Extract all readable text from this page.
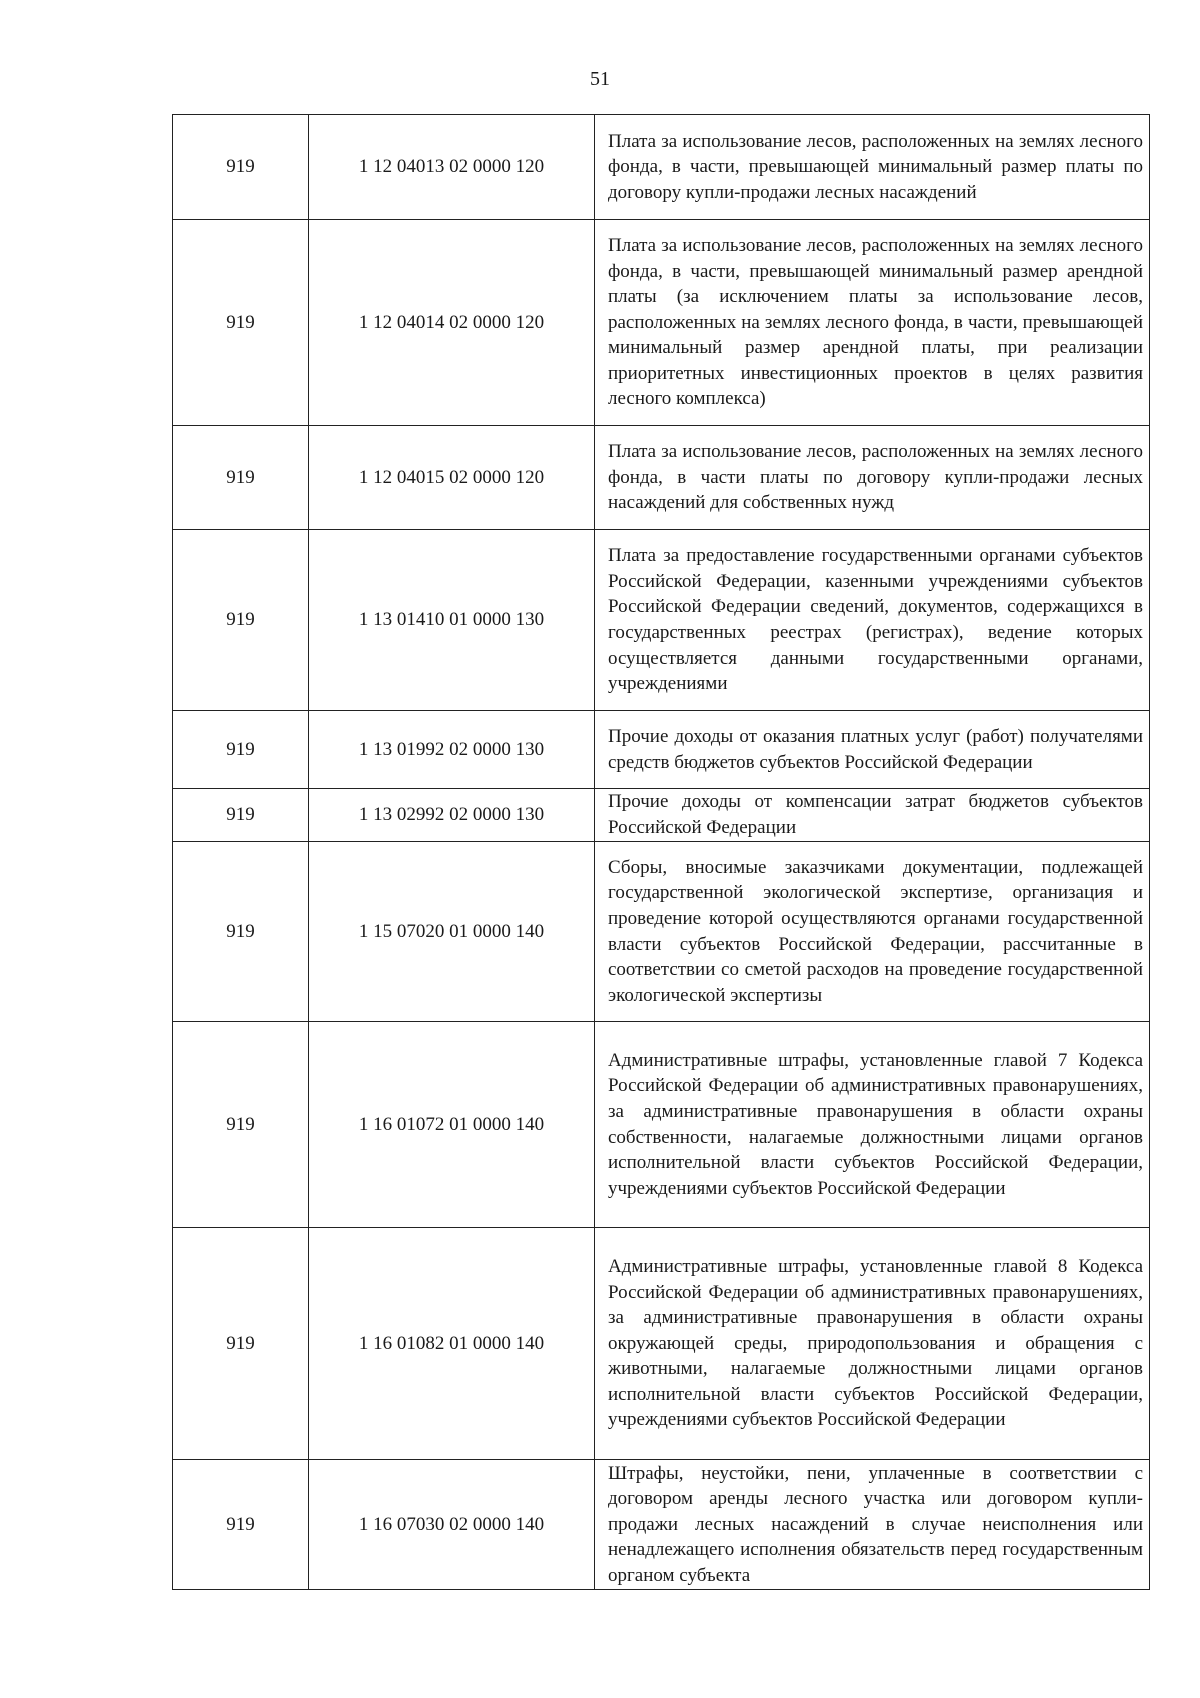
51
919	1 12 04013 02 0000 120	Плата за использование лесов, расположенных на землях лесного фонда, в части, превышающей минимальный размер платы по договору купли-продажи лесных насаждений
919	1 12 04014 02 0000 120	Плата за использование лесов, расположенных на землях лесного фонда, в части, превышающей минимальный размер арендной платы (за исключением платы за использование лесов, расположенных на землях лесного фонда, в части, превышающей минимальный размер арендной платы, при реализации приоритетных инвестиционных проектов в целях развития лесного комплекса)
919	1 12 04015 02 0000 120	Плата за использование лесов, расположенных на землях лесного фонда, в части платы по договору купли-продажи лесных насаждений для собственных нужд
919	1 13 01410 01 0000 130	Плата за предоставление государственными органами субъектов Российской Федерации, казенными учреждениями субъектов Российской Федерации сведений, документов, содержащихся в государственных реестрах (регистрах), ведение которых осуществляется данными государственными органами, учреждениями
919	1 13 01992 02 0000 130	Прочие доходы от оказания платных услуг (работ) получателями средств бюджетов субъектов Российской Федерации
919	1 13 02992 02 0000 130	Прочие доходы от компенсации затрат бюджетов субъектов Российской Федерации
919	1 15 07020 01 0000 140	Сборы, вносимые заказчиками документации, подлежащей государственной экологической экспертизе, организация и проведение которой осуществляются органами государственной власти субъектов Российской Федерации, рассчитанные в соответствии со сметой расходов на проведение государственной экологической экспертизы
919	1 16 01072 01 0000 140	Административные штрафы, установленные главой 7 Кодекса Российской Федерации об административных правонарушениях, за административные правонарушения в области охраны собственности, налагаемые должностными лицами органов исполнительной власти субъектов Российской Федерации, учреждениями субъектов Российской Федерации
919	1 16 01082 01 0000 140	Административные штрафы, установленные главой 8 Кодекса Российской Федерации об административных правонарушениях, за административные правонарушения в области охраны окружающей среды, природопользования и обращения с животными, налагаемые должностными лицами органов исполнительной власти субъектов Российской Федерации, учреждениями субъектов Российской Федерации
919	1 16 07030 02 0000 140	Штрафы, неустойки, пени, уплаченные в соответствии с договором аренды лесного участка или договором купли-продажи лесных насаждений в случае неисполнения или ненадлежащего исполнения обязательств перед государственным органом субъекта
